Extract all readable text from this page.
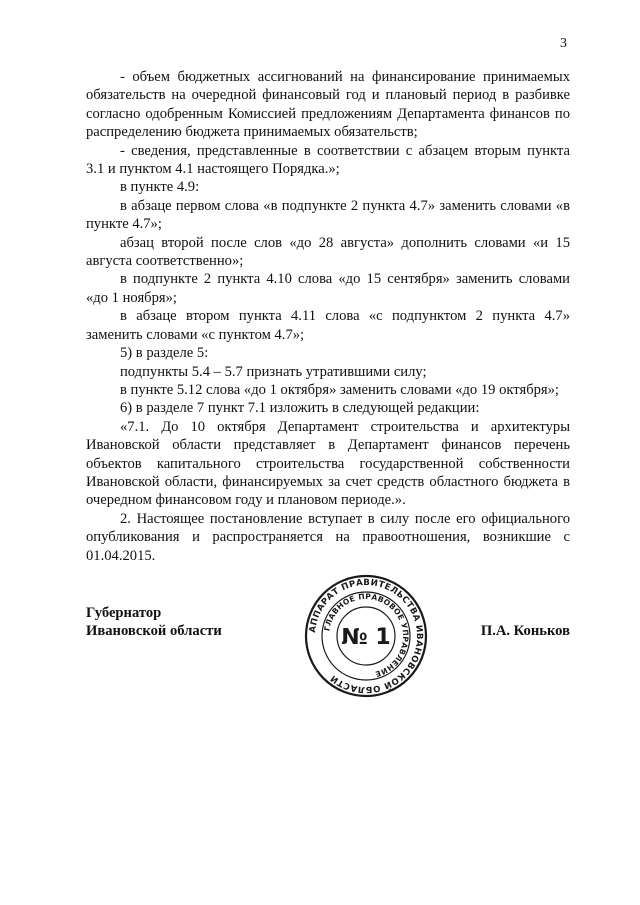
3

- объем бюджетных ассигнований на финансирование принимаемых обязательств на очередной финансовый год и плановый период в разбивке согласно одобренным Комиссией предложениям Департамента финансов по распределению бюджета принимаемых обязательств;

- сведения, представленные в соответствии с абзацем вторым пункта 3.1 и пунктом 4.1 настоящего Порядка.»;

в пункте 4.9:

в абзаце первом слова «в подпункте 2 пункта 4.7» заменить словами «в пункте 4.7»;

абзац второй после слов «до 28 августа» дополнить словами «и 15 августа соответственно»;

в подпункте 2 пункта 4.10 слова «до 15 сентября» заменить словами «до 1 ноября»;

в абзаце втором пункта 4.11 слова «с подпунктом 2 пункта 4.7» заменить словами «с пунктом 4.7»;

5) в разделе 5:

подпункты 5.4 – 5.7 признать утратившими силу;

в пункте 5.12 слова «до 1 октября» заменить словами «до 19 октября»;

6) в разделе 7 пункт 7.1 изложить в следующей редакции:

«7.1. До 10 октября Департамент строительства и архитектуры Ивановской области представляет в Департамент финансов перечень объектов капитального строительства государственной собственности Ивановской области, финансируемых за счет средств областного бюджета в очередном финансовом году и плановом периоде.».

2. Настоящее постановление вступает в силу после его официального опубликования и распространяется на правоотношения, возникшие с 01.04.2015.

Губернатор
Ивановской области	АППАРАТ ПРАВИТЕЛЬСТВА ИВАНОВСКОЙ ОБЛАСТИ
ГЛАВНОЕ ПРАВОВОЕ УПРАВЛЕНИЕ
№ 1	П.А. Коньков
